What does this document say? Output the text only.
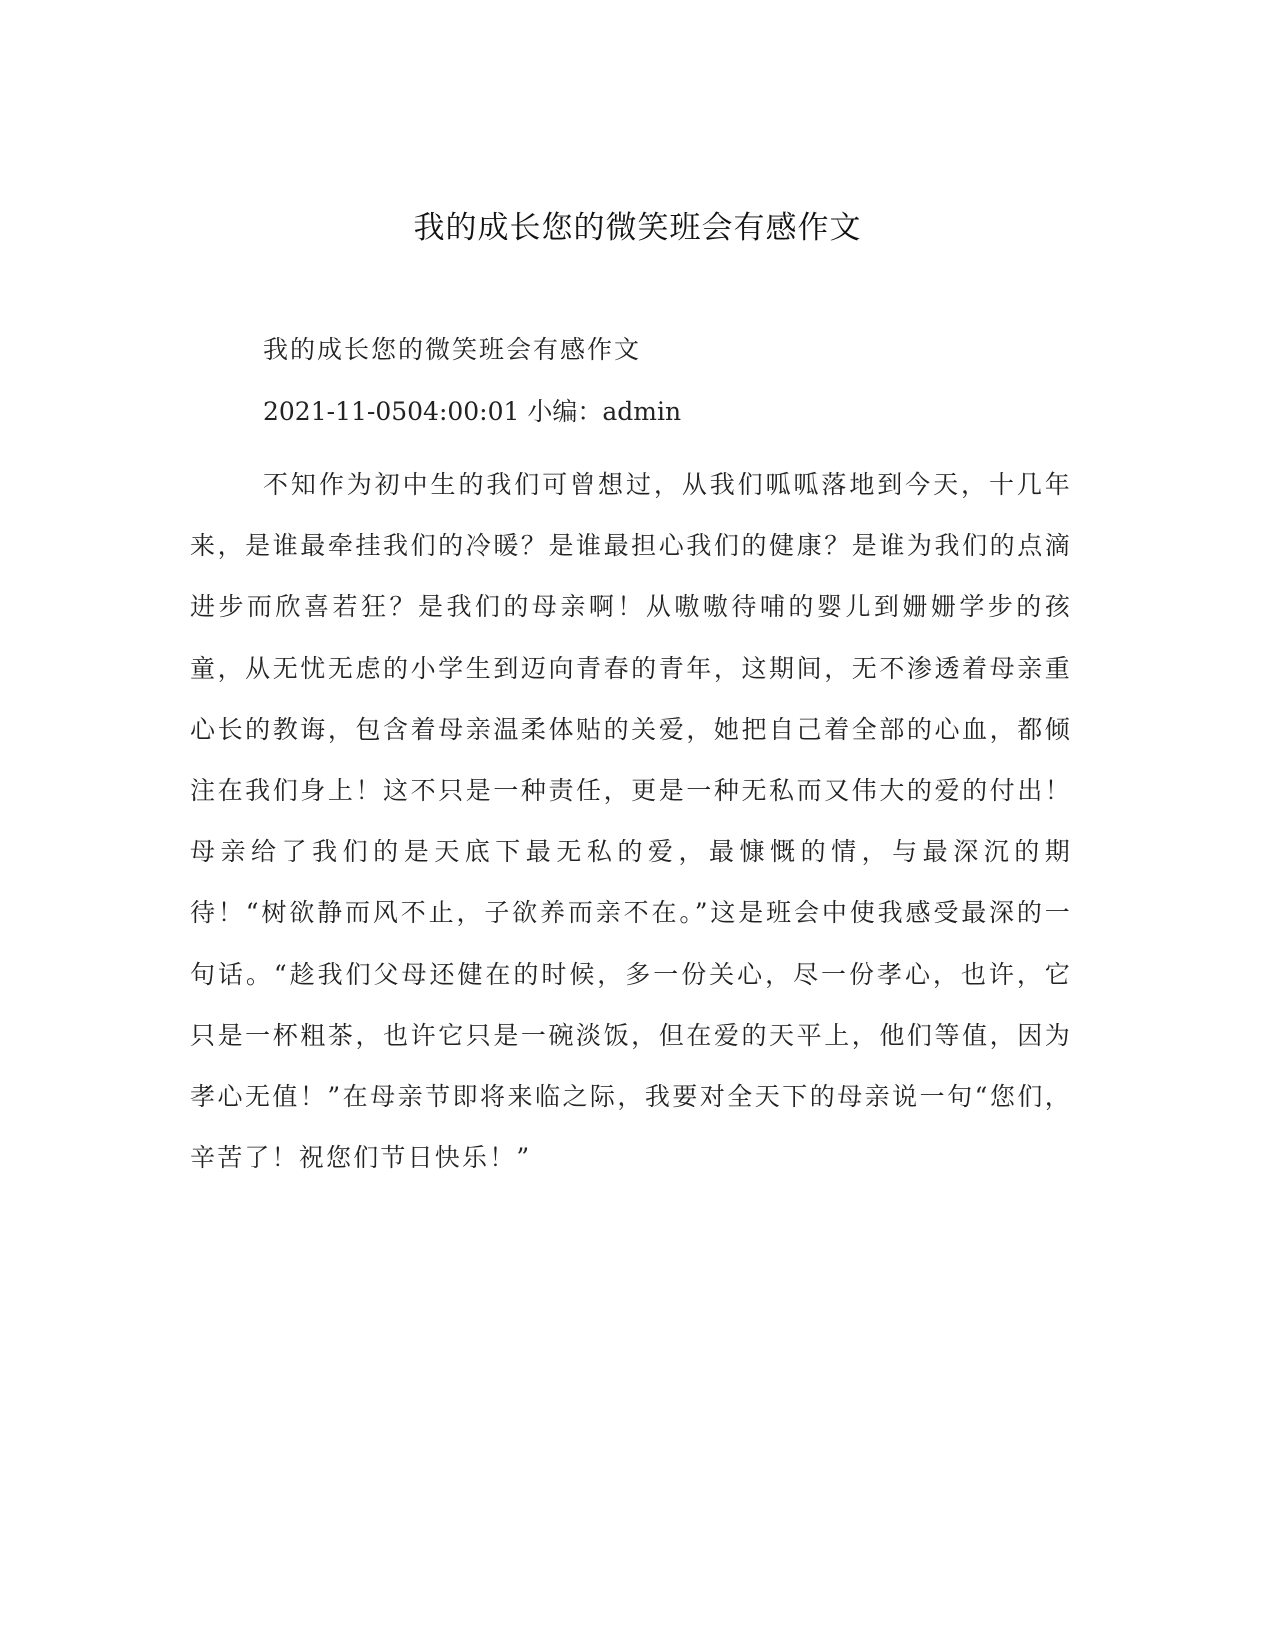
我的成长您的微笑班会有感作文

我的成长您的微笑班会有感作文

2021-11-0504:00:01 小编：admin

不知作为初中生的我们可曾想过，从我们呱呱落地到今天，十几年来，是谁最牵挂我们的冷暖？是谁最担心我们的健康？是谁为我们的点滴进步而欣喜若狂？是我们的母亲啊！从嗷嗷待哺的婴儿到姗姗学步的孩童，从无忧无虑的小学生到迈向青春的青年，这期间，无不渗透着母亲重心长的教诲，包含着母亲温柔体贴的关爱，她把自己着全部的心血，都倾注在我们身上！这不只是一种责任，更是一种无私而又伟大的爱的付出！母亲给了我们的是天底下最无私的爱，最慷慨的情，与最深沉的期待！“树欲静而风不止，子欲养而亲不在。”这是班会中使我感受最深的一句话。“趁我们父母还健在的时候，多一份关心，尽一份孝心，也许，它只是一杯粗茶，也许它只是一碗淡饭，但在爱的天平上，他们等值，因为孝心无值！”在母亲节即将来临之际，我要对全天下的母亲说一句“您们，辛苦了！祝您们节日快乐！”
